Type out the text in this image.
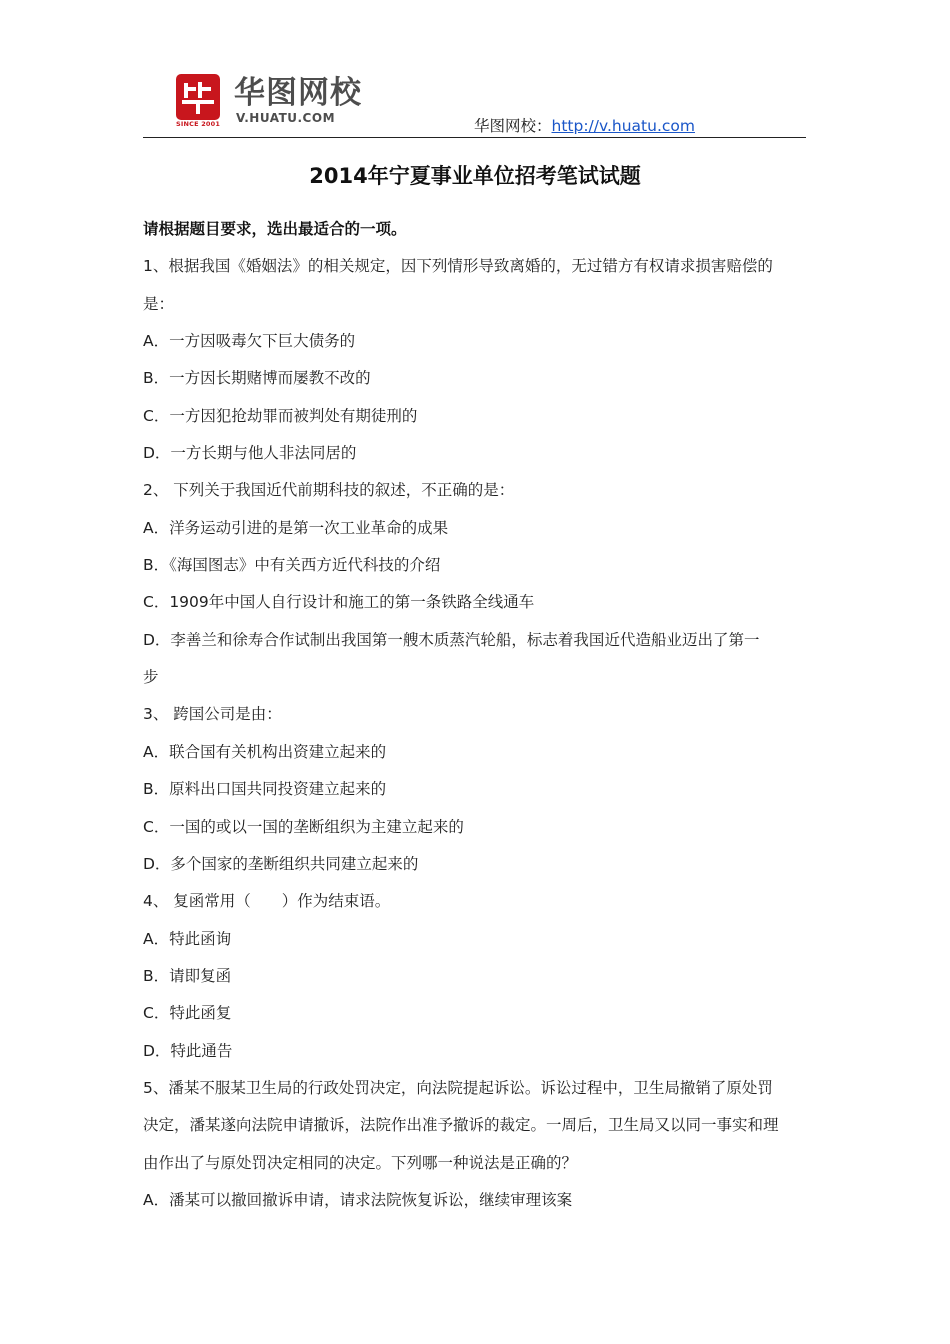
SINCE 2001
华图网校
V.HUATU.COM	华图网校：http://v.huatu.com
2014年宁夏事业单位招考笔试试题
请根据题目要求，选出最适合的一项。
1、根据我国《婚姻法》的相关规定，因下列情形导致离婚的，无过错方有权请求损害赔偿的
是：
A．一方因吸毒欠下巨大债务的
B．一方因长期赌博而屡教不改的
C．一方因犯抢劫罪而被判处有期徒刑的
D．一方长期与他人非法同居的
2、 下列关于我国近代前期科技的叙述，不正确的是：
A．洋务运动引进的是第一次工业革命的成果
B．《海国图志》中有关西方近代科技的介绍
C．1909年中国人自行设计和施工的第一条铁路全线通车
D．李善兰和徐寿合作试制出我国第一艘木质蒸汽轮船，标志着我国近代造船业迈出了第一
步
3、 跨国公司是由：
A．联合国有关机构出资建立起来的
B．原料出口国共同投资建立起来的
C．一国的或以一国的垄断组织为主建立起来的
D．多个国家的垄断组织共同建立起来的
4、 复函常用（　　）作为结束语。
A．特此函询
B．请即复函
C．特此函复
D．特此通告
5、潘某不服某卫生局的行政处罚决定，向法院提起诉讼。诉讼过程中，卫生局撤销了原处罚
决定，潘某遂向法院申请撤诉，法院作出准予撤诉的裁定。一周后，卫生局又以同一事实和理
由作出了与原处罚决定相同的决定。下列哪一种说法是正确的？
A．潘某可以撤回撤诉申请，请求法院恢复诉讼，继续审理该案
